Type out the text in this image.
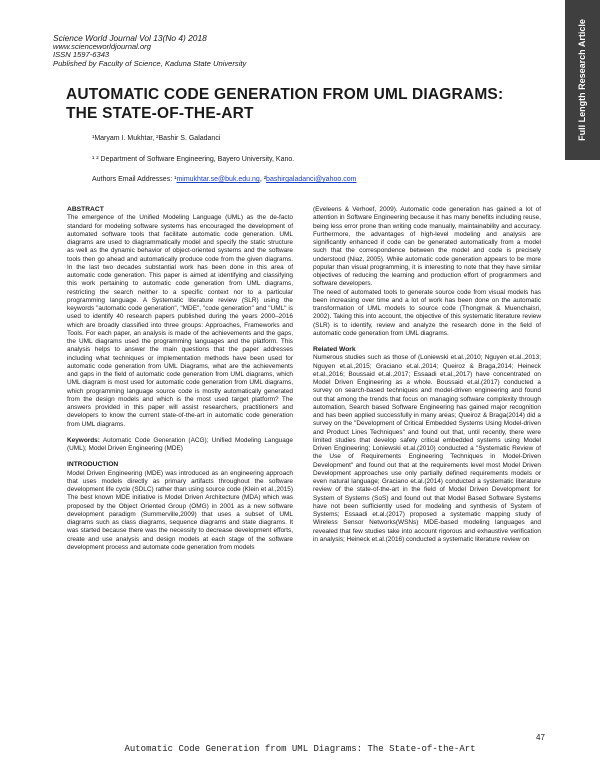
Full Length Research Article
Science World Journal Vol 13(No 4) 2018
www.scienceworldjournal.org
ISSN 1597-6343
Published by Faculty of Science, Kaduna State University
AUTOMATIC CODE GENERATION FROM UML DIAGRAMS: THE STATE-OF-THE-ART
¹Maryam I. Mukhtar, ²Bashir S. Galadanci
¹ ² Department of Software Engineering, Bayero University, Kano.
Authors Email Addresses: ¹mimukhtar.se@buk.edu.ng, ²bashirgaladanci@yahoo.com
ABSTRACT

The emergence of the Unified Modeling Language (UML) as the de-facto standard for modeling software systems has encouraged the development of automated software tools that facilitate automatic code generation. UML diagrams are used to diagrammatically model and specify the static structure as well as the dynamic behavior of object-oriented systems and the software tools then go ahead and automatically produce code from the given diagrams. In the last two decades substantial work has been done in this area of automatic code generation. This paper is aimed at identifying and classifying this work pertaining to automatic code generation from UML diagrams, restricting the search neither to a specific context nor to a particular programming language. A Systematic literature review (SLR) using the keywords "automatic code generation", "MDE", "code generation" and "UML" is used to identify 40 research papers published during the years 2000–2016 which are broadly classified into three groups: Approaches, Frameworks and Tools. For each paper, an analysis is made of the achievements and the gaps, the UML diagrams used the programming languages and the platform. This analysis helps to answer the main questions that the paper addresses including what techniques or implementation methods have been used for automatic code generation from UML Diagrams, what are the achievements and gaps in the field of automatic code generation from UML diagrams, which UML diagram is most used for automatic code generation from UML diagrams, which programming language source code is mostly automatically generated from the design models and which is the most used target platform? The answers provided in this paper will assist researchers, practitioners and developers to know the current state-of-the-art in automatic code generation from UML diagrams.

Keywords: Automatic Code Generation (ACG); Unified Modeling Language (UML); Model Driven Engineering (MDE)

INTRODUCTION

Model Driven Engineering (MDE) was introduced as an engineering approach that uses models directly as primary artifacts throughout the software development life cycle (SDLC) rather than using source code (Klein et al.,2015) The best known MDE initiative is Model Driven Architecture (MDA) which was proposed by the Object Oriented Group (OMG) in 2001 as a new software development paradigm (Summerville,2009) that uses a subset of UML diagrams such as class diagrams, sequence diagrams and state diagrams. It was started because there was the necessity to decrease development efforts, create and use analysis and design models at each stage of the software development process and automate code generation from models

(Eveleens & Verhoef, 2009). Automatic code generation has gained a lot of attention in Software Engineering because it has many benefits including reuse, being less error prone than writing code manually, maintainability and accuracy. Furthermore, the advantages of high-level modeling and analysis are significantly enhanced if code can be generated automatically from a model such that the correspondence between the model and code is precisely understood (Niaz, 2005). While automatic code generation appears to be more popular than visual programming, it is interesting to note that they have similar objectives of reducing the learning and production effort of programmers and software developers.

The need of automated tools to generate source code from visual models has been increasing over time and a lot of work has been done on the automatic transformation of UML models to source code (Thongmak & Muenchaisri, 2002). Taking this into account, the objective of this systematic literature review (SLR) is to identify, review and analyze the research done in the field of automatic code generation from UML diagrams.

Related Work

Numerous studies such as those of (Loniewski et.al.,2010; Nguyen et.al.,2013; Nguyen et.al.,2015; Graciano et.al.,2014; Queiroz & Braga,2014; Heineck et.al.,2016; Boussaid et.al.,2017; Essaadi et.al.,2017) have concentrated on Model Driven Engineering as a whole. Boussaid et.al.(2017) conducted a survey on search-based techniques and model-driven engineering and found out that among the trends that focus on managing software complexity through automation, Search based Software Engineering has gained major recognition and has been applied successfully in many areas; Queiroz & Braga(2014) did a survey on the "Development of Critical Embedded Systems Using Model-driven and Product Lines Techniques" and found out that, until recently, there were limited studies that develop safety critical embedded systems using Model Driven Engineering; Loniewski et.al.(2010) conducted a "Systematic Review of the Use of Requirements Engineering Techniques in Model-Driven Development" and found out that at the requirements level most Model Driven Development approaches use only partially defined requirements models or even natural language; Graciano et.al.(2014) conducted a systematic literature review of the state-of-the-art in the field of Model Driven Development for System of Systems (SoS) and found out that Model Based Software Systems have not been sufficiently used for modeling and synthesis of System of Systems; Essaadi et.al.(2017) proposed a systematic mapping study of Wireless Sensor Networks(WSNs) MDE-based modeling languages and revealed that few studies take into account rigorous and exhaustive verification in analysis; Heineck et.al.(2016) conducted a systematic literature review on

47
Automatic Code Generation from UML Diagrams: The State-of-the-Art
